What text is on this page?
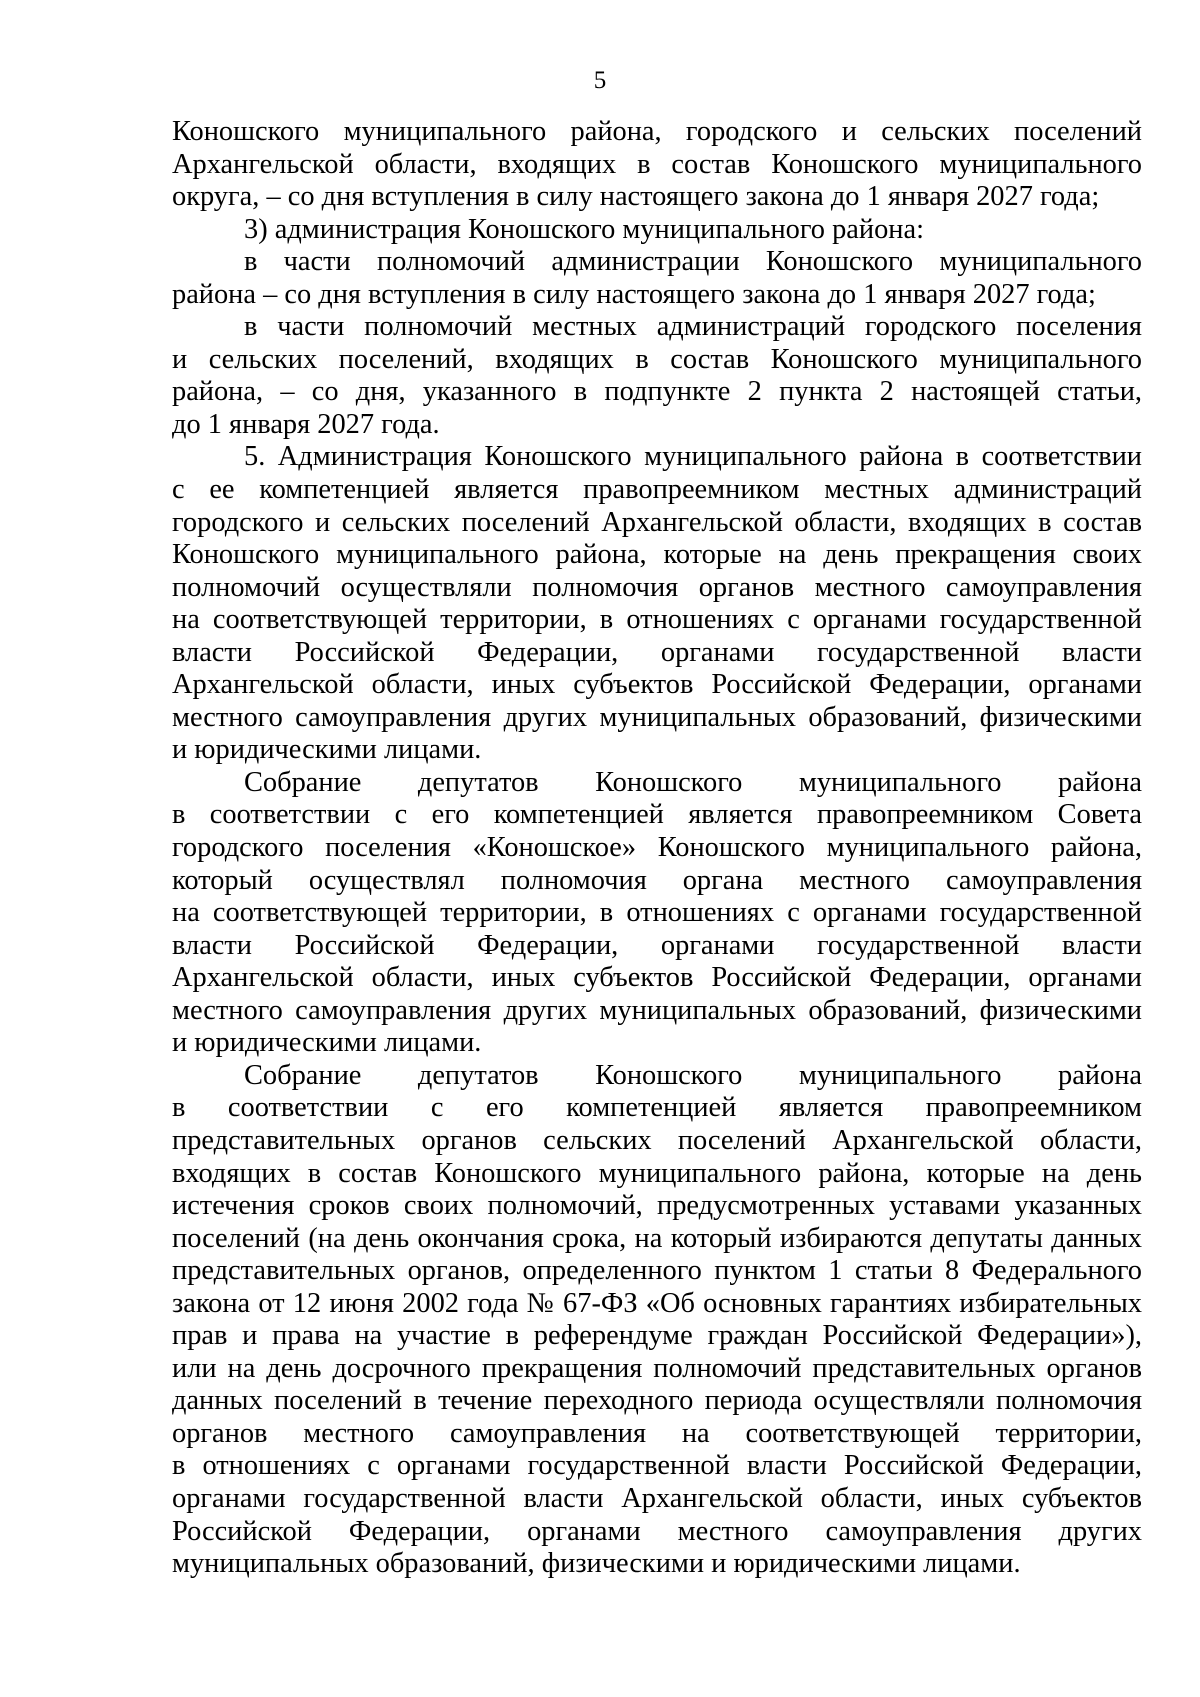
5
Коношского муниципального района, городского и сельских поселений
Архангельской области, входящих в состав Коношского муниципального
округа, – со дня вступления в силу настоящего закона до 1 января 2027 года;
3) администрация Коношского муниципального района:
в части полномочий администрации Коношского муниципального
района – со дня вступления в силу настоящего закона до 1 января 2027 года;
в части полномочий местных администраций городского поселения
и сельских поселений, входящих в состав Коношского муниципального
района, – со дня, указанного в подпункте 2 пункта 2 настоящей статьи,
до 1 января 2027 года.
5. Администрация Коношского муниципального района в соответствии
с ее компетенцией является правопреемником местных администраций
городского и сельских поселений Архангельской области, входящих в состав
Коношского муниципального района, которые на день прекращения своих
полномочий осуществляли полномочия органов местного самоуправления
на соответствующей территории, в отношениях с органами государственной
власти Российской Федерации, органами государственной власти
Архангельской области, иных субъектов Российской Федерации, органами
местного самоуправления других муниципальных образований, физическими
и юридическими лицами.
Собрание депутатов Коношского муниципального района
в соответствии с его компетенцией является правопреемником Совета
городского поселения «Коношское» Коношского муниципального района,
который осуществлял полномочия органа местного самоуправления
на соответствующей территории, в отношениях с органами государственной
власти Российской Федерации, органами государственной власти
Архангельской области, иных субъектов Российской Федерации, органами
местного самоуправления других муниципальных образований, физическими
и юридическими лицами.
Собрание депутатов Коношского муниципального района
в соответствии с его компетенцией является правопреемником
представительных органов сельских поселений Архангельской области,
входящих в состав Коношского муниципального района, которые на день
истечения сроков своих полномочий, предусмотренных уставами указанных
поселений (на день окончания срока, на который избираются депутаты данных
представительных органов, определенного пунктом 1 статьи 8 Федерального
закона от 12 июня 2002 года № 67-ФЗ «Об основных гарантиях избирательных
прав и права на участие в референдуме граждан Российской Федерации»),
или на день досрочного прекращения полномочий представительных органов
данных поселений в течение переходного периода осуществляли полномочия
органов местного самоуправления на соответствующей территории,
в отношениях с органами государственной власти Российской Федерации,
органами государственной власти Архангельской области, иных субъектов
Российской Федерации, органами местного самоуправления других
муниципальных образований, физическими и юридическими лицами.
